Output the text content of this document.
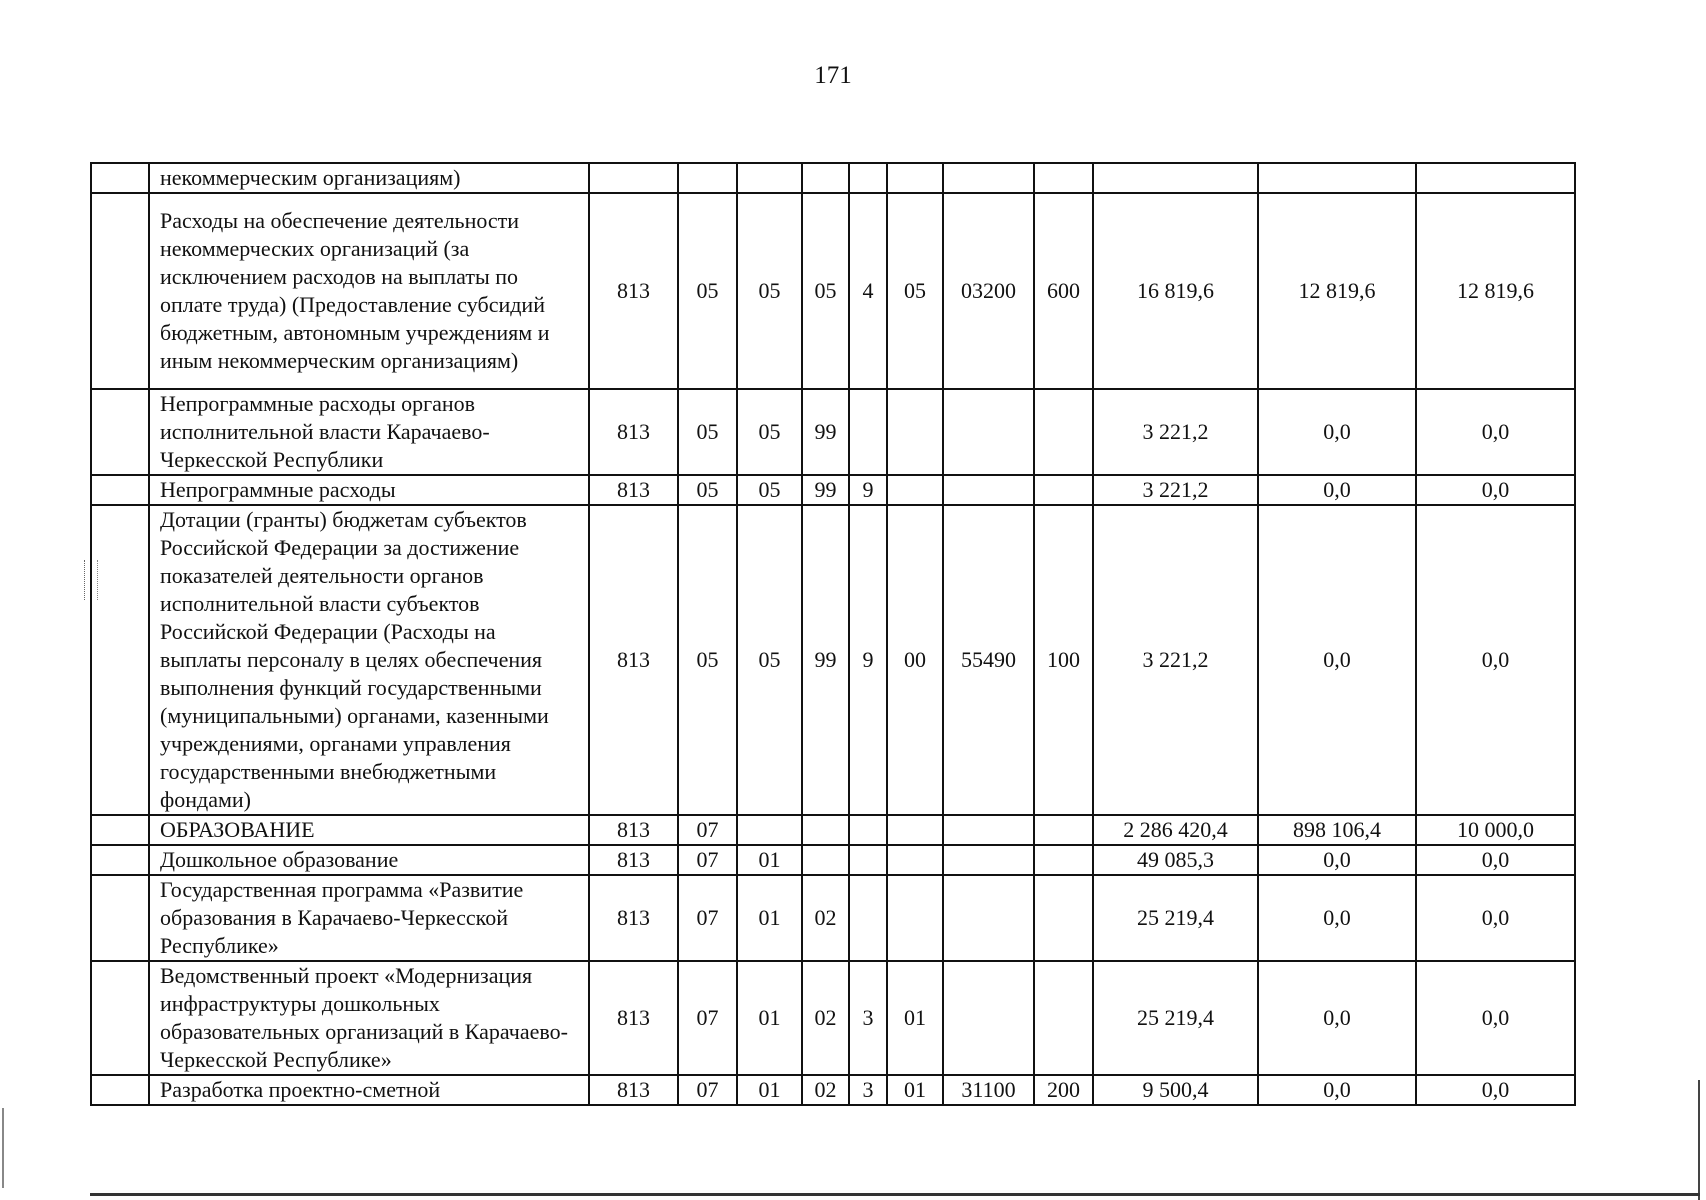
171
	некоммерческим организациям)											
	Расходы на обеспечение деятельности некоммерческих организаций (за исключением расходов на выплаты по оплате труда) (Предоставление субсидий бюджетным, автономным учреждениям и иным некоммерческим организациям)	813	05	05	05	4	05	03200	600	16 819,6	12 819,6	12 819,6
	Непрограммные расходы органов исполнительной власти Карачаево-Черкесской Республики	813	05	05	99					3 221,2	0,0	0,0
	Непрограммные расходы	813	05	05	99	9				3 221,2	0,0	0,0
	Дотации (гранты) бюджетам субъектов Российской Федерации за достижение показателей деятельности органов исполнительной власти субъектов Российской Федерации (Расходы на выплаты персоналу в целях обеспечения выполнения функций государственными (муниципальными) органами, казенными учреждениями, органами управления государственными внебюджетными фондами)	813	05	05	99	9	00	55490	100	3 221,2	0,0	0,0
	ОБРАЗОВАНИЕ	813	07							2 286 420,4	898 106,4	10 000,0
	Дошкольное образование	813	07	01						49 085,3	0,0	0,0
	Государственная программа «Развитие образования в Карачаево-Черкесской Республике»	813	07	01	02					25 219,4	0,0	0,0
	Ведомственный проект «Модернизация инфраструктуры дошкольных образовательных организаций в Карачаево-Черкесской Республике»	813	07	01	02	3	01			25 219,4	0,0	0,0
	Разработка проектно-сметной	813	07	01	02	3	01	31100	200	9 500,4	0,0	0,0
